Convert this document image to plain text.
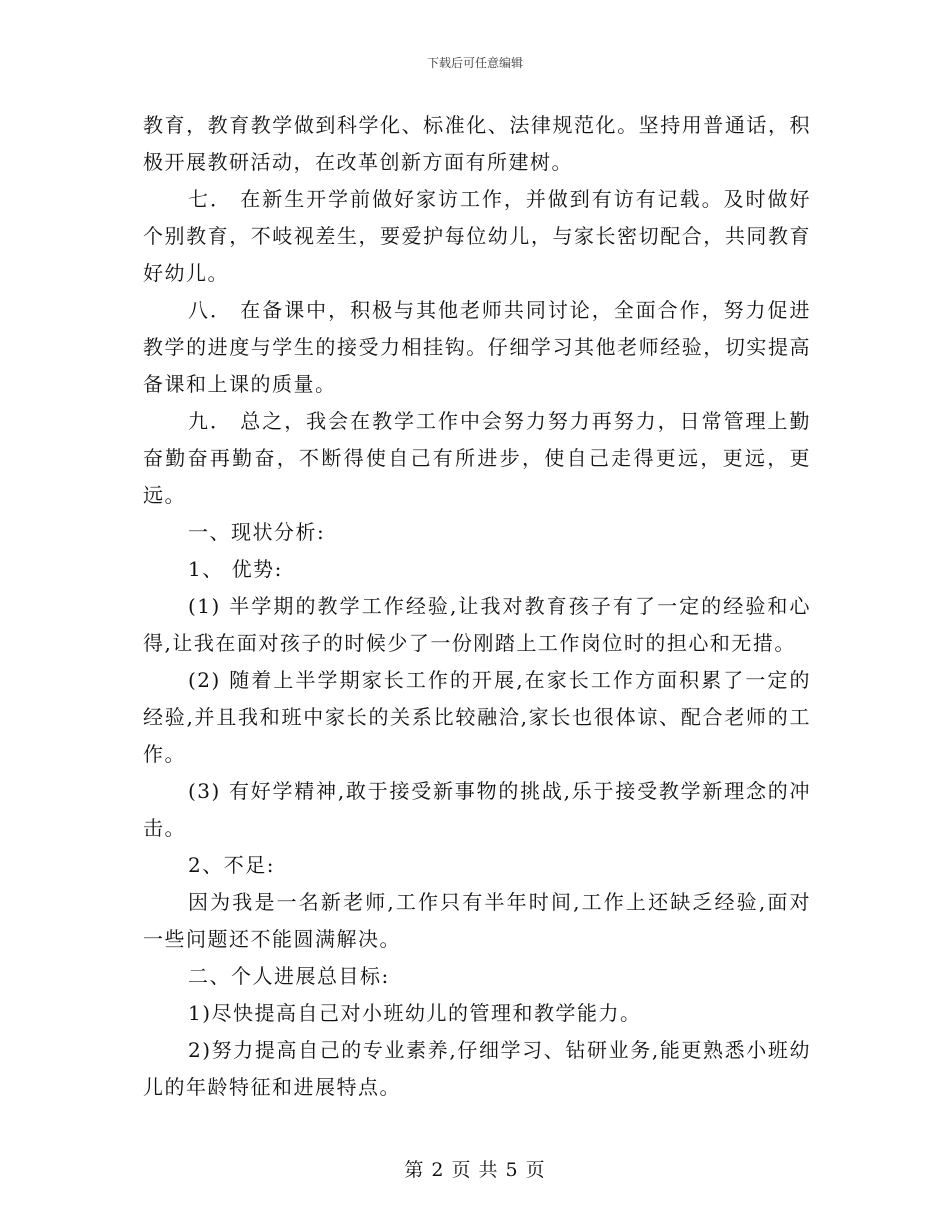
下载后可任意编辑

教育，教育教学做到科学化、标准化、法律规范化。坚持用普通话，积极开展教研活动，在改革创新方面有所建树。

七． 在新生开学前做好家访工作，并做到有访有记载。及时做好个别教育，不岐视差生，要爱护每位幼儿，与家长密切配合，共同教育好幼儿。

八． 在备课中，积极与其他老师共同讨论，全面合作，努力促进教学的进度与学生的接受力相挂钩。仔细学习其他老师经验，切实提高备课和上课的质量。

九． 总之，我会在教学工作中会努力努力再努力，日常管理上勤奋勤奋再勤奋，不断得使自己有所进步，使自己走得更远，更远，更远。

一、现状分析:

1、 优势:

(1) 半学期的教学工作经验,让我对教育孩子有了一定的经验和心得,让我在面对孩子的时候少了一份刚踏上工作岗位时的担心和无措。

(2) 随着上半学期家长工作的开展,在家长工作方面积累了一定的经验,并且我和班中家长的关系比较融洽,家长也很体谅、配合老师的工作。

(3) 有好学精神,敢于接受新事物的挑战,乐于接受教学新理念的冲击。

2、不足:

因为我是一名新老师,工作只有半年时间,工作上还缺乏经验,面对一些问题还不能圆满解决。

二、个人进展总目标:

1)尽快提高自己对小班幼儿的管理和教学能力。

2)努力提高自己的专业素养,仔细学习、钻研业务,能更熟悉小班幼儿的年龄特征和进展特点。

第 2 页 共 5 页
